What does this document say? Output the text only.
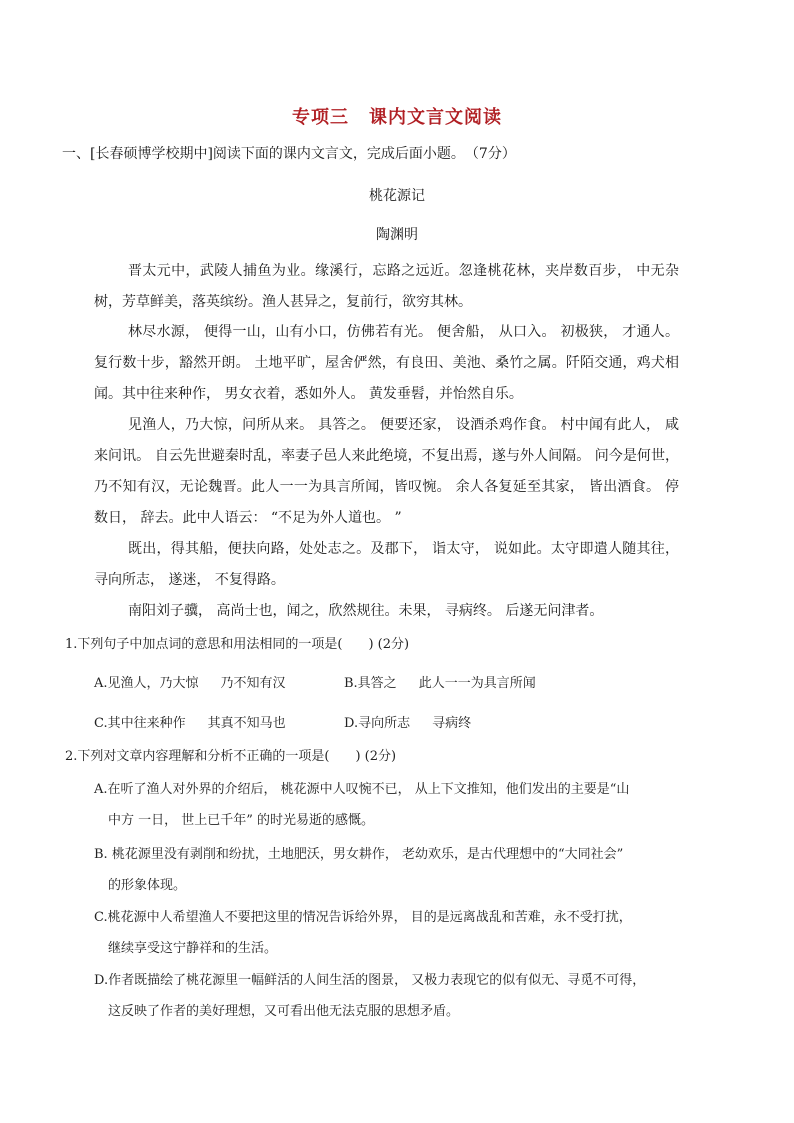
专项三 课内文言文阅读
一、[长春硕博学校期中]阅读下面的课内文言文，完成后面小题。　（7分）
桃花源记
陶渊明
晋太元中，武陵人捕鱼为业。缘溪行，忘路之远近。忽逢桃花林，夹岸数百步， 中无杂树，芳草鲜美，落英缤纷。渔人甚异之，复前行，欲穷其林。
林尽水源， 便得一山，山有小口，仿佛若有光。 便舍船， 从口入。 初极狭， 才通人。复行数十步，豁然开朗。 土地平旷，屋舍俨然，有良田、美池、桑竹之属。阡陌交通，鸡犬相闻。其中往来种作， 男女衣着，悉如外人。 黄发垂髫，并怡然自乐。
见渔人，乃大惊，问所从来。 具答之。 便要还家， 设酒杀鸡作食。 村中闻有此人， 咸来问讯。 自云先世避秦时乱，率妻子邑人来此绝境，不复出焉，遂与外人间隔。 问今是何世，乃不知有汉，无论魏晋。此人一一为具言所闻，皆叹惋。 余人各复延至其家， 皆出酒食。 停数日， 辞去。此中人语云： “不足为外人道也。 ”
既出，得其船，便扶向路，处处志之。及郡下， 诣太守， 说如此。太守即遣人随其往，寻向所志， 遂迷， 不复得路。
南阳刘子骥， 高尚士也，闻之，欣然规往。未果， 寻病终。 后遂无问津者。
1.下列句子中加点词的意思和用法相同的一项是(　　) (2分)
A.见渔人，乃大惊 乃不知有汉	B.具答之 此人一一为具言所闻
C.其中往来种作 其真不知马也	D.寻向所志 寻病终
2.下列对文章内容理解和分析不正确的一项是(　　) (2分)
A.在听了渔人对外界的介绍后， 桃花源中人叹惋不已， 从上下文推知，他们发出的主要是“山
中方 一日， 世上已千年” 的时光易逝的感慨。
B. 桃花源里没有剥削和纷扰，土地肥沃，男女耕作， 老幼欢乐，是古代理想中的“大同社会”
的形象体现。
C.桃花源中人希望渔人不要把这里的情况告诉给外界， 目的是远离战乱和苦难，永不受打扰，
继续享受这宁静祥和的生活。
D.作者既描绘了桃花源里一幅鲜活的人间生活的图景， 又极力表现它的似有似无、寻觅不可得，
这反映了作者的美好理想，又可看出他无法克服的思想矛盾。
